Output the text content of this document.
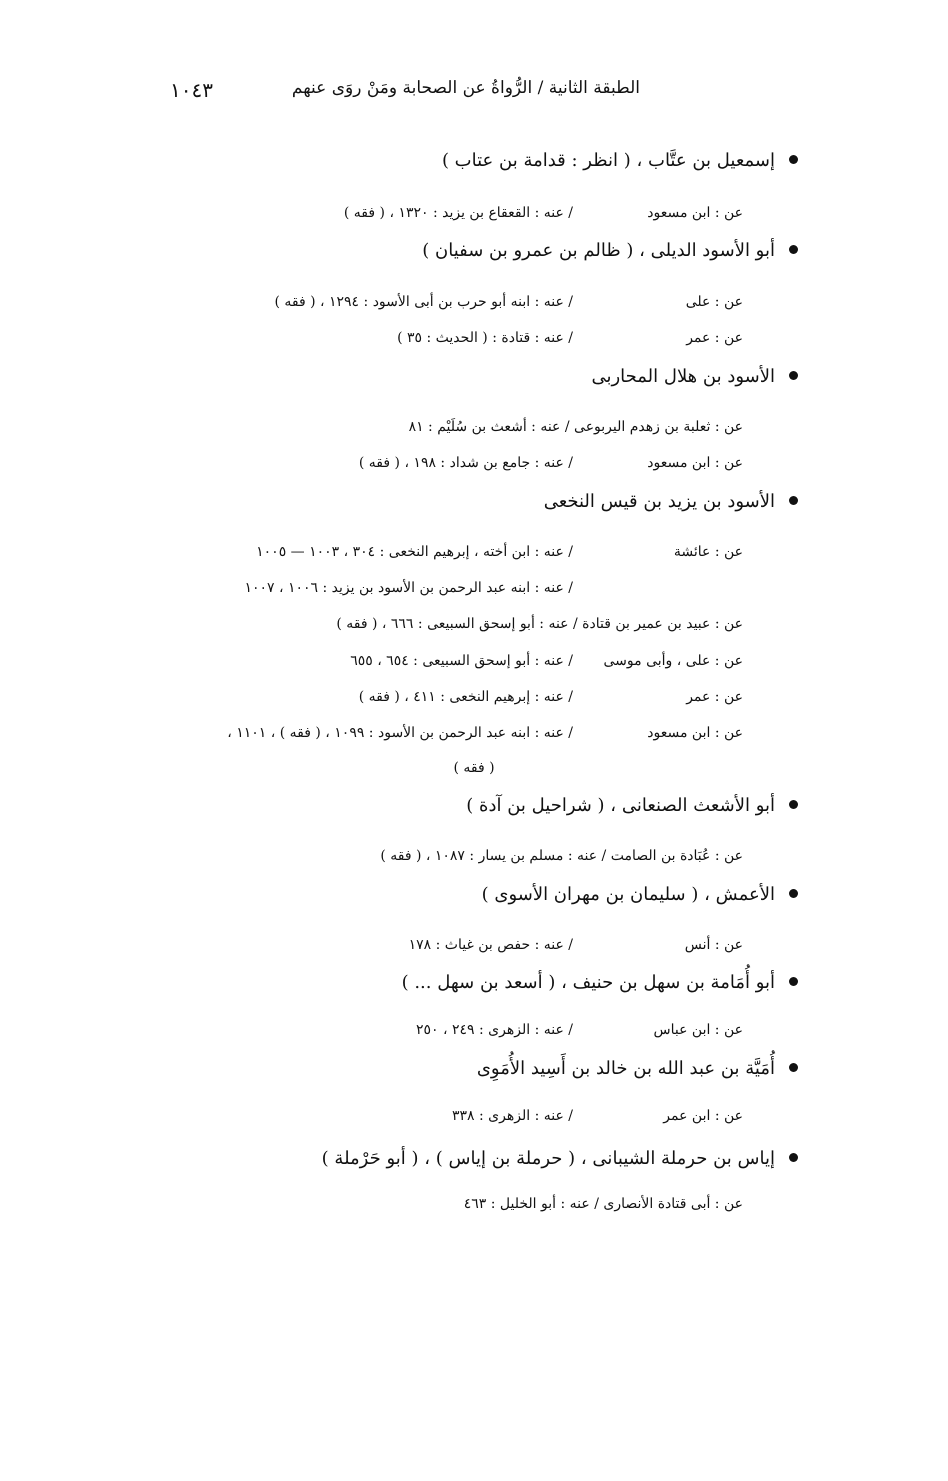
الطبقة الثانية / الرُّواةُ عن الصحابة ومَنْ روَى عنهم
١٠٤٣
إسمعيل بن عتَّاب ، ( انظر : قدامة بن عتاب )
عن : ابن مسعود
/ عنه : القعقاع بن يزيد : ١٣٢٠ ، ( فقه )
أبو الأسود الديلى ، ( ظالم بن عمرو بن سفيان )
عن : على
/ عنه : ابنه أبو حرب بن أبى الأسود : ١٢٩٤ ، ( فقه )
عن : عمر
/ عنه : قتادة : ( الحديث : ٣٥ )
الأسود بن هلال المحاربى
عن : ثعلبة بن زهدم اليربوعى / عنه : أشعث بن سُلَيْم : ٨١
عن : ابن مسعود
/ عنه : جامع بن شداد : ١٩٨ ، ( فقه )
الأسود بن يزيد بن قيس النخعى
عن : عائشة
/ عنه : ابن أخته ، إبرهيم النخعى : ٣٠٤ ، ١٠٠٣ — ١٠٠٥
/ عنه : ابنه عبد الرحمن بن الأسود بن يزيد : ١٠٠٦ ، ١٠٠٧
عن : عبيد بن عمير بن قتادة / عنه : أبو إسحق السبيعى : ٦٦٦ ، ( فقه )
عن : على ، وأبى موسى
/ عنه : أبو إسحق السبيعى : ٦٥٤ ، ٦٥٥
عن : عمر
/ عنه : إبرهيم النخعى : ٤١١ ، ( فقه )
عن : ابن مسعود
/ عنه : ابنه عبد الرحمن بن الأسود : ١٠٩٩ ، ( فقه ) ، ١١٠١ ،
( فقه )
أبو الأشعث الصنعانى ، ( شراحيل بن آدة )
عن : عُبَادة بن الصامت / عنه : مسلم بن يسار : ١٠٨٧ ، ( فقه )
الأعمش ، ( سليمان بن مهران الأسوى )
عن : أنس
/ عنه : حفص بن غياث : ١٧٨
أبو أُمَامة بن سهل بن حنيف ، ( أسعد بن سهل ... )
عن : ابن عباس
/ عنه : الزهرى : ٢٤٩ ، ٢٥٠
أُمَيَّة بن عبد الله بن خالد بن أَسِيد الأُمَوِى
عن : ابن عمر
/ عنه : الزهرى : ٣٣٨
إياس بن حرملة الشيبانى ، ( حرملة بن إياس ) ، ( أبو حَرْملة )
عن : أبى قتادة الأنصارى / عنه : أبو الخليل : ٤٦٣
